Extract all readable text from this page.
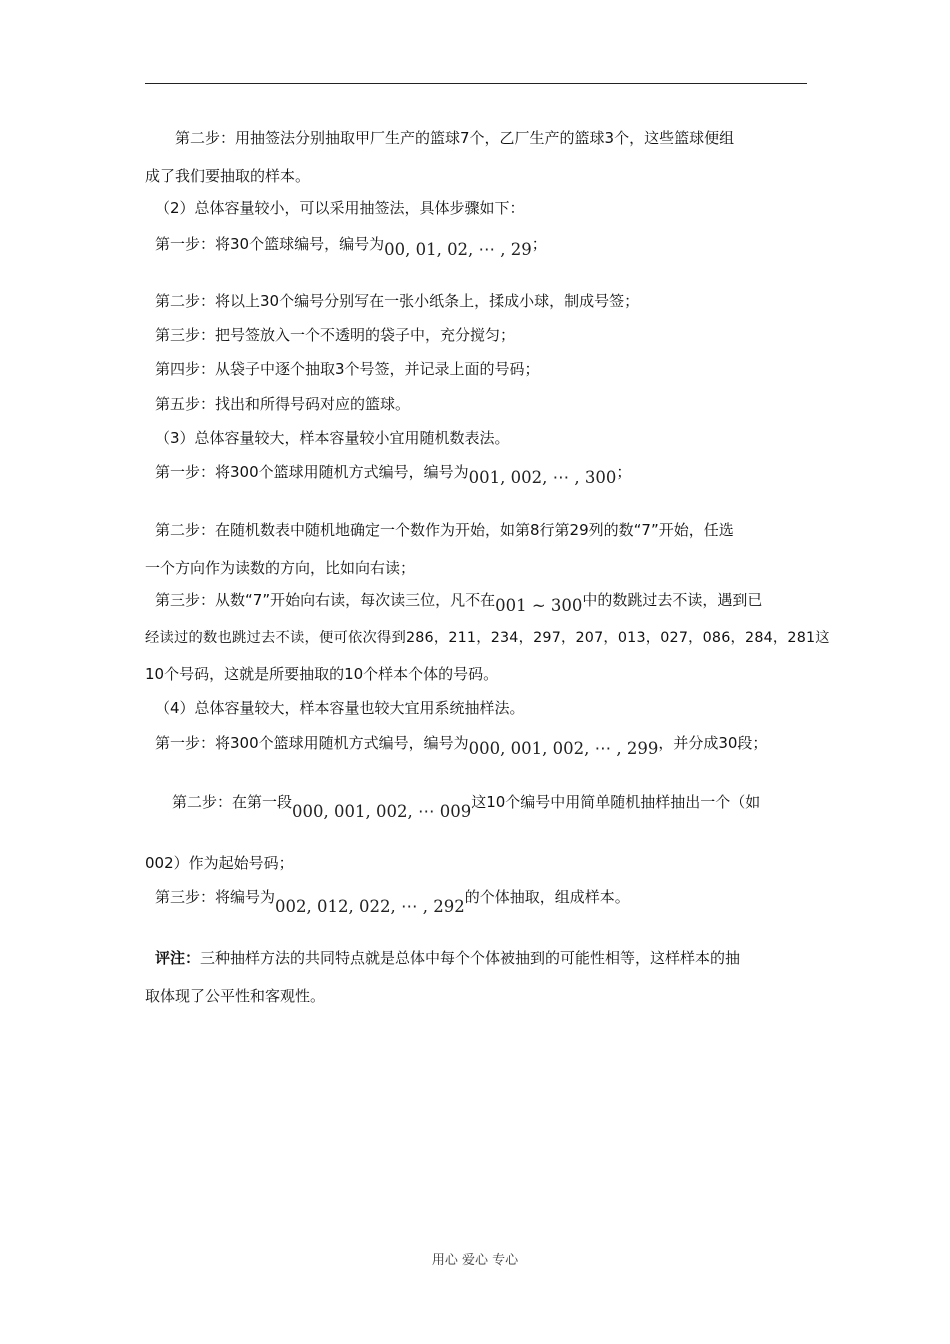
第二步：用抽签法分别抽取甲厂生产的篮球7个，乙厂生产的篮球3个，这些篮球便组
成了我们要抽取的样本。
（2）总体容量较小，可以采用抽签法，具体步骤如下：
第一步：将30个篮球编号，编号为00, 01, 02, ⋯ , 29；
第二步：将以上30个编号分别写在一张小纸条上，揉成小球，制成号签；
第三步：把号签放入一个不透明的袋子中，充分搅匀；
第四步：从袋子中逐个抽取3个号签，并记录上面的号码；
第五步：找出和所得号码对应的篮球。
（3）总体容量较大，样本容量较小宜用随机数表法。
第一步：将300个篮球用随机方式编号，编号为001, 002, ⋯ , 300；
第二步：在随机数表中随机地确定一个数作为开始，如第8行第29列的数“7”开始，任选
一个方向作为读数的方向，比如向右读；
第三步：从数“7”开始向右读，每次读三位，凡不在001 ~ 300中的数跳过去不读，遇到已
经读过的数也跳过去不读，便可依次得到286，211，234，297，207，013，027，086，284，281这
10个号码，这就是所要抽取的10个样本个体的号码。
（4）总体容量较大，样本容量也较大宜用系统抽样法。
第一步：将300个篮球用随机方式编号，编号为000, 001, 002, ⋯ , 299，并分成30段；
第二步：在第一段000, 001, 002, ⋯ 009这10个编号中用简单随机抽样抽出一个（如
002）作为起始号码；
第三步：将编号为002, 012, 022, ⋯ , 292的个体抽取，组成样本。
评注：三种抽样方法的共同特点就是总体中每个个体被抽到的可能性相等，这样样本的抽
取体现了公平性和客观性。
用心 爱心 专心
